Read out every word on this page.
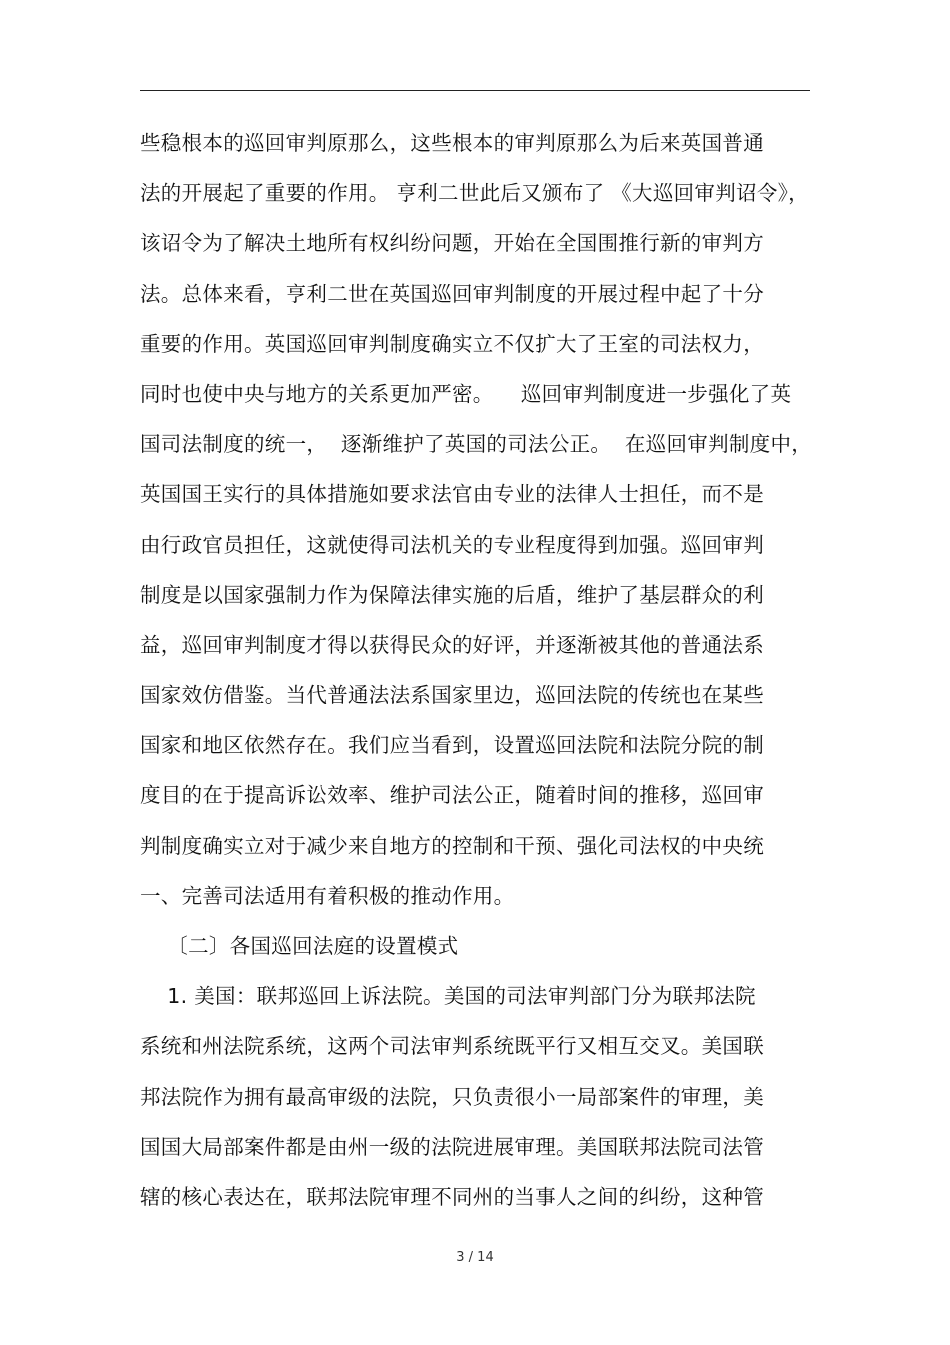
些稳根本的巡回审判原那么，这些根本的审判原那么为后来英国普通
法的开展起了重要的作用。 亨利二世此后又颁布了 《大巡回审判诏令》，
该诏令为了解决土地所有权纠纷问题，开始在全国围推行新的审判方
法。总体来看，亨利二世在英国巡回审判制度的开展过程中起了十分
重要的作用。英国巡回审判制度确实立不仅扩大了王室的司法权力，
同时也使中央与地方的关系更加严密。    巡回审判制度进一步强化了英
国司法制度的统一，  逐渐维护了英国的司法公正。  在巡回审判制度中，
英国国王实行的具体措施如要求法官由专业的法律人士担任，而不是
由行政官员担任，这就使得司法机关的专业程度得到加强。巡回审判
制度是以国家强制力作为保障法律实施的后盾，维护了基层群众的利
益，巡回审判制度才得以获得民众的好评，并逐渐被其他的普通法系
国家效仿借鉴。当代普通法法系国家里边，巡回法院的传统也在某些
国家和地区依然存在。我们应当看到，设置巡回法院和法院分院的制
度目的在于提高诉讼效率、维护司法公正，随着时间的推移，巡回审
判制度确实立对于减少来自地方的控制和干预、强化司法权的中央统
一、完善司法适用有着积极的推动作用。
〔二〕各国巡回法庭的设置模式
1. 美国：联邦巡回上诉法院。美国的司法审判部门分为联邦法院
系统和州法院系统，这两个司法审判系统既平行又相互交叉。美国联
邦法院作为拥有最高审级的法院，只负责很小一局部案件的审理，美
国国大局部案件都是由州一级的法院进展审理。美国联邦法院司法管
辖的核心表达在，联邦法院审理不同州的当事人之间的纠纷，这种管
3 / 14
